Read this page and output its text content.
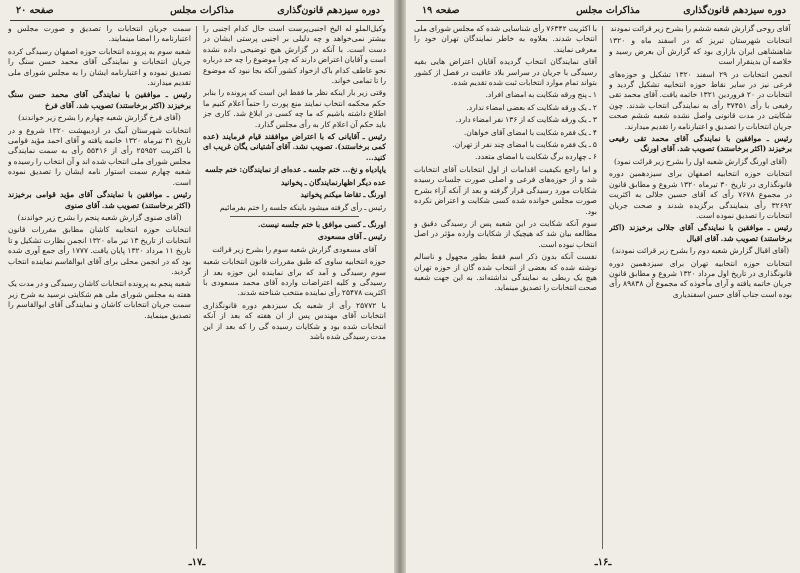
دوره سیزدهم قانون‌گذاری
مذاکرات مجلس
صفحه ۲۰

وکیل‌الملو له الیخ اجنبی‌پرست است حال کدام اجنبی را بیشتر نمی‌خواهد و چه دلیلی بر اجنبی پرستی ایشان در دست است. با آنکه در گزارش هیچ توضیحی داده نشده است و آقایان اعتراض دارند که چرا موضوع را چه حد درباره نحو عاطف کدام باک ازخواد کشور آنکه بجا نبود که موضوع را تا تمامی خواند.

وقتی زیر بار اینکه نظر ما فقط این است که پرونده را بنابر حکم محکمه انتخاب نمایند منع پورت را حتماً اعلام کنیم ما اطلاع داشته باشیم که ما چه کسی در ابلاغ شد. کاری جز باید حکم آن اعلام کار به رأی مجلس گذارد.

رئیس ـ آقایانی که با اعتراض موافقند قیام فرمایند (عده کمی برخاستند). تصویب نشد. آقای آشتیانی یگان غریب ای کنید...

یاپادیاه و نخ... ختم جلسه ـ عده‌ای از نمایندگان: ختم جلسه

عده دیگر اظهارنمایندگان ـ پخوانید

اورنگ ـ تقاضا میکنم پخوانید

رئیس ـ رأی گرفته میشود باینکه جلسه را ختم بفرمائیم

اورنگ ـ کسی موافق با ختم جلسه نیست.

رئیس ـ آقای مسعودی

آقای مسعودی گزارش شعبه سوم را بشرح زیر قرائت

حوزه انتخابیه ساوی که طبق مقررات قانون انتخابات شعبه سوم رسیدگی و آمد که برای نماینده این حوزه بعد از رسیدگی و کلیه اعتراضات وارده آقای محمد مسعودی با اکثریت ۲۵۴۷۸ رأی نماینده منتخب شناخته شدند.

با ۲۵۷۷۲ رأی از شعبه یک سیزدهم دوره قانونگذاری انتخابات آقای مهندس پس از ان هفته که بعد از آنکه انتخابات شده بود و شکایات رسیده گی را که بعد از این مدت رسیدگی شده باشد

سمت جریان انتخابات را تصدیق و صورت مجلس و اعتبارنامه را امضا مینمایند.

شعبه سوم به پرونده انتخابات حوزه اصفهان رسیدگی کرده جریان انتخابات و نمایندگی آقای محمد حسن سنگ را تصدیق نموده و اعتبارنامه ایشان را به مجلس شورای ملی تقدیم میدارند.

رئیس ـ موافقین با نمایندگی آقای محمد حسن سنگ برخیزند (اکثر برخاستند) تصویب شد. آقای فرخ

(آقای فرخ گزارش شعبه چهارم را بشرح زیر خواندند)

انتخابات شهرستان آبیک در اردیبهشت ۱۳۲۰ شروع و در تاریخ ۳۱ تیرماه ۱۳۲۰ خاتمه یافته و آقای احمد مؤید قوامی با اکثریت ۲۵۹۵۲ رأی از ۵۵۴۱۶ رأی به سمت نمایندگی مجلس شورای ملی انتخاب شده اند و آن انتخاب را رسیده و شعبه چهارم سمت استوار نامه ایشان را تصدیق نموده است.

رئیس ـ موافقین با نمایندگی آقای مؤید قوامی برخیزند (اکثر برخاستند) تصویب شد. آقای صنوی

(آقای صنوی گزارش شعبه پنجم را بشرح زیر خواندند)

انتخابات حوزه انتخابیه کاشان مطابق مقررات قانون انتخابات از تاریخ ۱۳ تیر ماه ۱۳۲۰ انجمن نظارت تشکیل و تا تاریخ ۱۱ مرداد ۱۳۲۰ پایان یافت. ۱۷۷۷ رأی جمع آوری شده بود که در انجمن محلی برای آقای ابوالقاسم نماینده انتخاب گردید.

شعبه پنجم به پرونده انتخابات کاشان رسیدگی و در مدت یک هفته به مجلس شورای ملی هم شکایتی نرسید به شرح زیر سمت جریان انتخابات کاشان و نمایندگی آقای ابوالقاسم را تصدیق مینماید.

ـ۱۷ـ
دوره سیزدهم قانون‌گذاری
مذاکرات مجلس
صفحه ۱۹

آقای روحی گزارش شعبه ششم را بشرح زیر قرائت نمودند

انتخابات شهرستان تبریز که در اسفند ماه و ۱۳۲۰ شاهنشاهی ایران بازاری بود که گزارش آن بعرض رسید و خلاصه آن بدینقرار است

انجمن انتخابات در ۲۹ اسفند ۱۳۲۰ تشکیل و حوزه‌های فرعی نیز در سایر نقاط حوزه انتخابیه تشکیل گردید و انتخابات در ۲۰ فروردین ۱۳۲۱ خاتمه یافت. آقای محمد تقی رفیعی با رأی ۳۷۴۵۱ رأی به نمایندگی انتخاب شدند. چون شکایتی در مدت قانونی واصل نشده شعبه ششم صحت جریان انتخابات را تصدیق و اعتبارنامه را تقدیم میدارند.

رئیس ـ موافقین با نمایندگی آقای محمد تقی رفیعی برخیزند (اکثر برخاستند) تصویب شد. آقای اورنگ

(آقای اورنگ گزارش شعبه اول را بشرح زیر قرائت نمود)

انتخابات حوزه انتخابیه اصفهان برای سیزدهمین دوره قانونگذاری در تاریخ ۳۰ تیرماه ۱۳۲۰ شروع و مطابق قانون در مجموع ۷۶۷۸ رأی که آقای حسین جلالی به اکثریت ۳۲۶۹۲ رأی بنمایندگی برگزیده شدند و صحت جریان انتخابات را تصدیق نموده است.

رئیس ـ موافقین با نمایندگی آقای جلالی برخیزند (اکثر برخاستند) تصویب شد. آقای اقبال

(آقای اقبال گزارش شعبه دوم را بشرح زیر قرائت نمودند)

انتخابات حوزه انتخابیه تهران برای سیزدهمین دوره قانونگذاری در تاریخ اول مرداد ۱۳۲۰ شروع و مطابق قانون جریان خاتمه یافته و آرای مأخوذه که مجموع آن ۸۹۸۳۸ رأی بوده است جناب آقای حسن اسفندیاری

با اکثریت ۷۶۳۴۲ رأی شناسایی شده که مجلس شورای ملی انتخاب شدند. بعلاوه به خاطر نمایندگان تهران خود را معرفی نمایند.

آقای نمایندگان انتخاب گردیده آقایان اعتراض هایی بقیه رسیدگی با جریان در سراسر بلاد عاقبت در فصل از کشور بتواند تمام موارد انتخابات ثبت شده تقدیم شده.

۱ ـ پنج ورقه شکایت به امضای افراد.

۲ ـ یک ورقه شکایت که بعضی امضاء ندارد.

۳ ـ یک ورقه شکایت که از ۱۳۶ نفر امضاء دارد.

۴ ـ یک فقره شکایت با امضای آقای خواهان.

۵ ـ یک فقره شکایت با امضای چند نفر از تهران.

۶ ـ چهارده برگ شکایت با امضای متعدد.

و اما راجع بکیفیت اقدامات از اول انتخابات آقای انتخابات شد و از حوزه‌های فرعی و اصلی صورت جلسات رسیده شکایات مورد رسیدگی قرار گرفته و بعد از آنکه آراء بشرح صورت مجلس خوانده شده کسی شکایت و اعتراض نکرده بود.

سوم آنکه شکایت در این شعبه پس از رسیدگی دقیق و مطالعه بیان شد که هیچیک از شکایات وارده مؤثر در اصل انتخاب نبوده است.

نفست آنکه بدون ذکر اسم فقط بطور مجهول و ناسالم نوشته شده که بعضی از انتخاب شده گان از حوزه تهران هیچ یک ربطی به نمایندگی نداشته‌اند. به این جهت شعبه صحت انتخابات را تصدیق مینماید.

ـ۱۶ـ
